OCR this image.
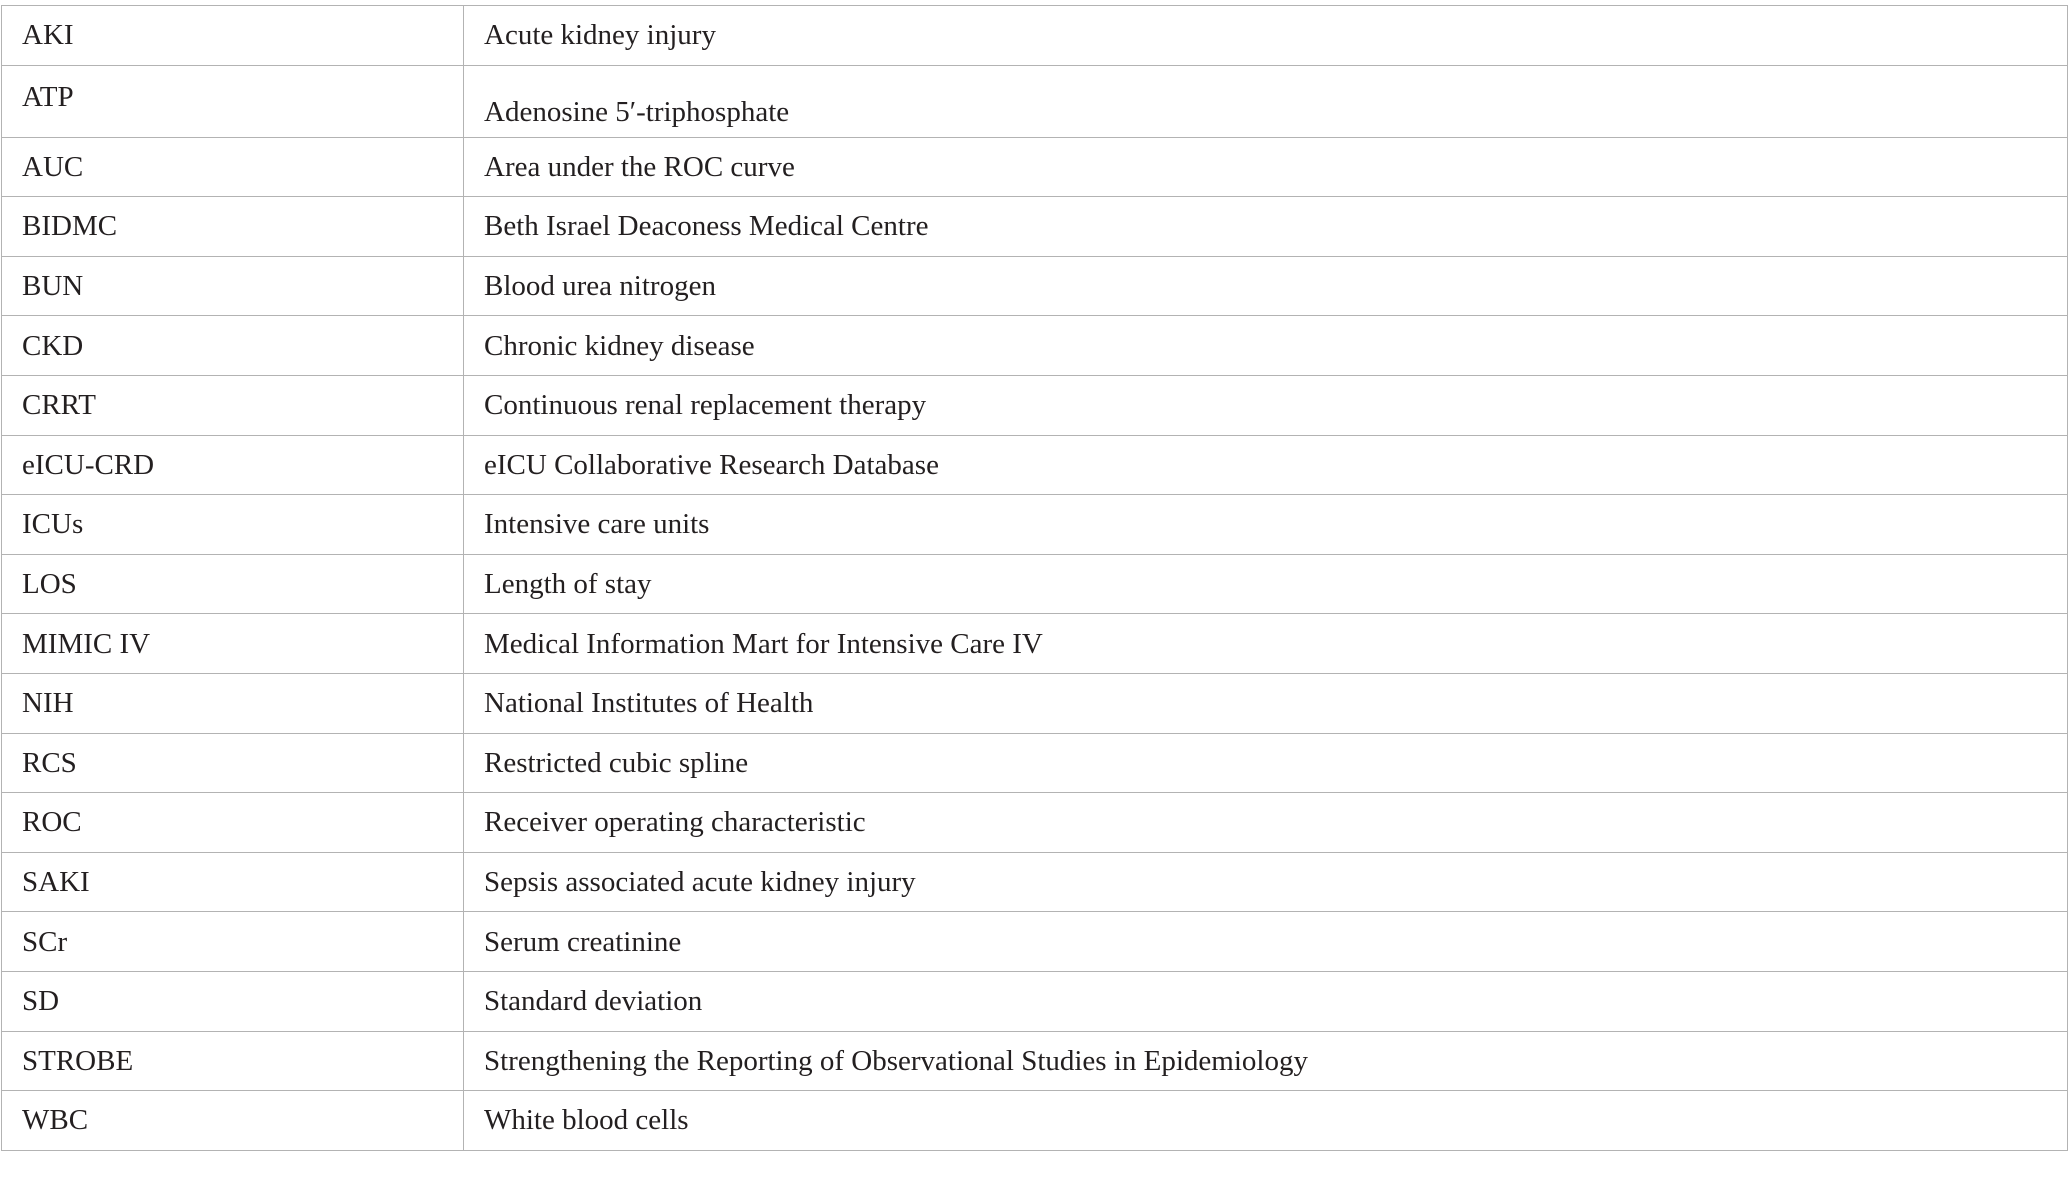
AKI	Acute kidney injury
ATP	Adenosine 5′-triphosphate
AUC	Area under the ROC curve
BIDMC	Beth Israel Deaconess Medical Centre
BUN	Blood urea nitrogen
CKD	Chronic kidney disease
CRRT	Continuous renal replacement therapy
eICU-CRD	eICU Collaborative Research Database
ICUs	Intensive care units
LOS	Length of stay
MIMIC IV	Medical Information Mart for Intensive Care IV
NIH	National Institutes of Health
RCS	Restricted cubic spline
ROC	Receiver operating characteristic
SAKI	Sepsis associated acute kidney injury
SCr	Serum creatinine
SD	Standard deviation
STROBE	Strengthening the Reporting of Observational Studies in Epidemiology
WBC	White blood cells
